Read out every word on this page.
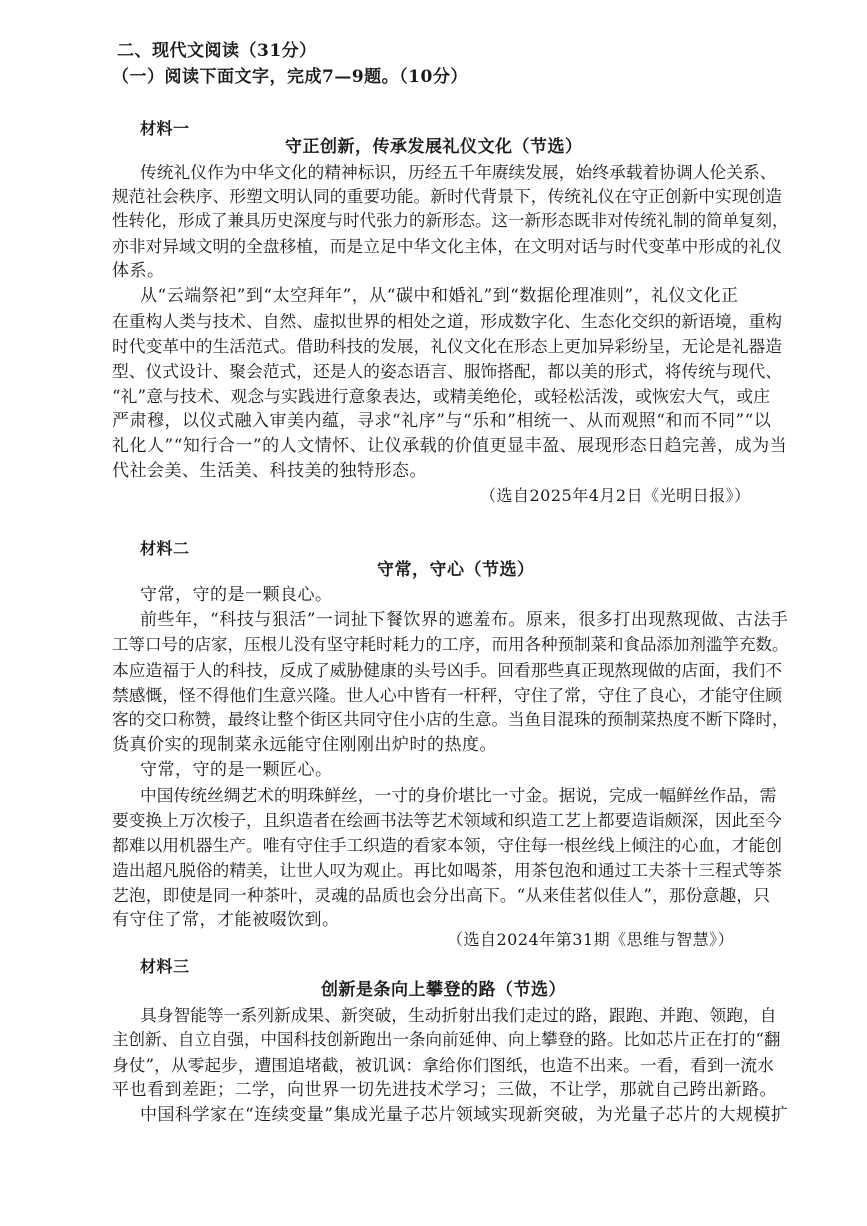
二、现代文阅读（31分）
（一）阅读下面文字，完成7—9题。（10分）
材料一
守正创新，传承发展礼仪文化（节选）
传统礼仪作为中华文化的精神标识，历经五千年赓续发展，始终承载着协调人伦关系、
规范社会秩序、形塑文明认同的重要功能。新时代背景下，传统礼仪在守正创新中实现创造
性转化，形成了兼具历史深度与时代张力的新形态。这一新形态既非对传统礼制的简单复刻，
亦非对异域文明的全盘移植，而是立足中华文化主体，在文明对话与时代变革中形成的礼仪
体系。
从“云端祭祀”到“太空拜年”，从“碳中和婚礼”到“数据伦理准则”，礼仪文化正
在重构人类与技术、自然、虚拟世界的相处之道，形成数字化、生态化交织的新语境，重构
时代变革中的生活范式。借助科技的发展，礼仪文化在形态上更加异彩纷呈，无论是礼器造
型、仪式设计、聚会范式，还是人的姿态语言、服饰搭配，都以美的形式，将传统与现代、
“礼”意与技术、观念与实践进行意象表达，或精美绝伦，或轻松活泼，或恢宏大气，或庄
严肃穆，以仪式融入审美内蕴，寻求“礼序”与“乐和”相统一、从而观照“和而不同”“以
礼化人”“知行合一”的人文情怀、让仪承载的价值更显丰盈、展现形态日趋完善，成为当
代社会美、生活美、科技美的独特形态。
（选自2025年4月2日《光明日报》）
材料二
守常，守心（节选）
守常，守的是一颗良心。
前些年，“科技与狠活”一词扯下餐饮界的遮羞布。原来，很多打出现熬现做、古法手
工等口号的店家，压根儿没有坚守耗时耗力的工序，而用各种预制菜和食品添加剂滥竽充数。
本应造福于人的科技，反成了威胁健康的头号凶手。回看那些真正现熬现做的店面，我们不
禁感慨，怪不得他们生意兴隆。世人心中皆有一杆秤，守住了常，守住了良心，才能守住顾
客的交口称赞，最终让整个街区共同守住小店的生意。当鱼目混珠的预制菜热度不断下降时，
货真价实的现制菜永远能守住刚刚出炉时的热度。
守常，守的是一颗匠心。
中国传统丝绸艺术的明珠鲜丝，一寸的身价堪比一寸金。据说，完成一幅鲜丝作品，需
要变换上万次梭子，且织造者在绘画书法等艺术领域和织造工艺上都要造诣颇深，因此至今
都难以用机器生产。唯有守住手工织造的看家本领，守住每一根丝线上倾注的心血，才能创
造出超凡脱俗的精美，让世人叹为观止。再比如喝茶，用茶包泡和通过工夫茶十三程式等茶
艺泡，即使是同一种茶叶，灵魂的品质也会分出高下。“从来佳茗似佳人”，那份意趣，只
有守住了常，才能被啜饮到。
（选自2024年第31期《思维与智慧》）
材料三
创新是条向上攀登的路（节选）
具身智能等一系列新成果、新突破，生动折射出我们走过的路，跟跑、并跑、领跑，自
主创新、自立自强，中国科技创新跑出一条向前延伸、向上攀登的路。比如芯片正在打的“翻
身仗”，从零起步，遭围追堵截，被讥讽：拿给你们图纸，也造不出来。一看，看到一流水
平也看到差距；二学，向世界一切先进技术学习；三做，不让学，那就自己跨出新路。
中国科学家在“连续变量”集成光量子芯片领域实现新突破，为光量子芯片的大规模扩
